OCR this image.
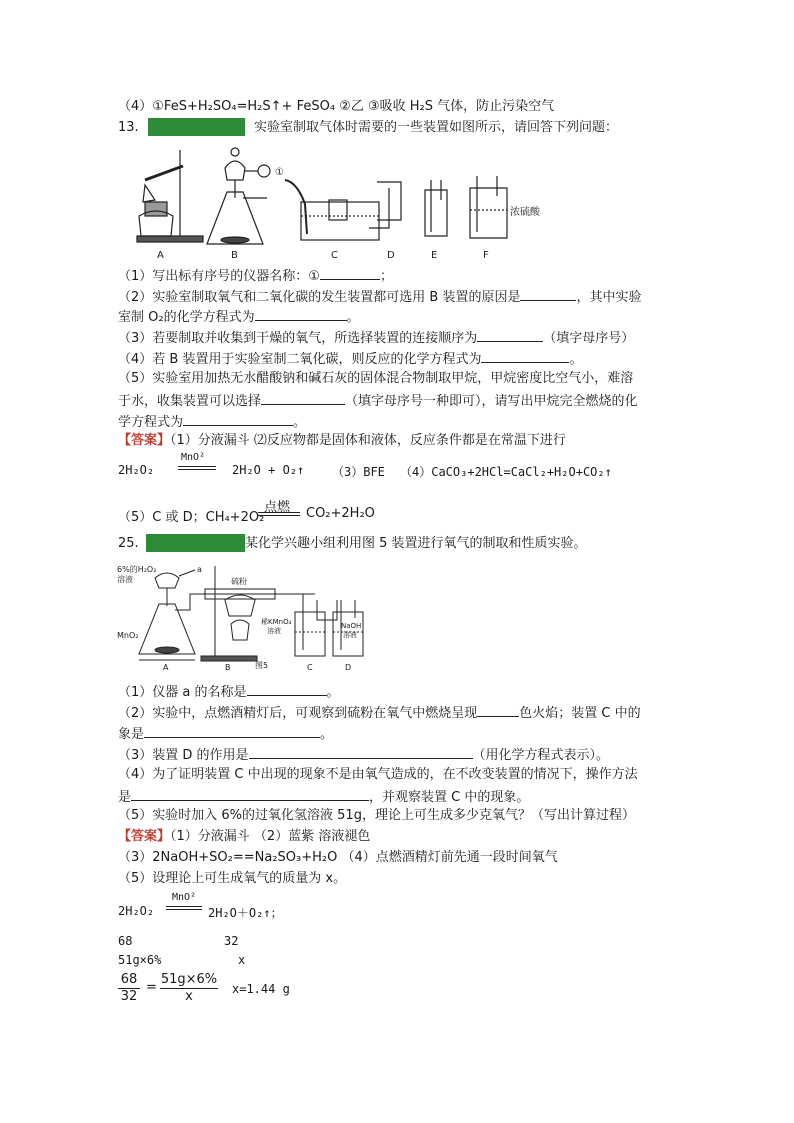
（4）①FeS+H₂SO₄=H₂S↑+ FeSO₄ ②乙 ③吸收 H₂S 气体，防止污染空气
13.	实验室制取气体时需要的一些装置如图所示，请回答下列问题：
①
浓硫酸
A	B	C	D	E	F
（1）写出标有序号的仪器名称：①	；
（2）实验室制取氧气和二氧化碳的发生装置都可选用 B 装置的原因是	，其中实验
室制 O₂的化学方程式为	。
（3）若要制取并收集到干燥的氧气，所选择装置的连接顺序为	（填字母序号）
（4）若 B 装置用于实验室制二氧化碳，则反应的化学方程式为	。
（5）实验室用加热无水醋酸钠和碱石灰的固体混合物制取甲烷，甲烷密度比空气小，难溶
于水，收集装置可以选择	（填字母序号一种即可），请写出甲烷完全燃烧的化
学方程式为	。
【答案】（1）分液漏斗 ⑵反应物都是固体和液体，反应条件都是在常温下进行
2H₂O₂
MnO²
2H₂O + O₂↑ （3）BFE （4）CaCO₃+2HCl=CaCl₂+H₂O+CO₂↑
（5）C 或 D；CH₄+2O₂
点燃 CO₂+2H₂O
25.	某化学兴趣小组利用图 5 装置进行氧气的制取和性质实验。
6%的H₂O₂
溶液
a
MnO₂
硫粉
稀KMnO₄
溶液
NaOH
溶液
A	B	C	D
图5
（1）仪器 a 的名称是	。
（2）实验中，点燃酒精灯后，可观察到硫粉在氧气中燃烧呈现	色火焰；装置 C 中的
象是	。
（3）装置 D 的作用是	（用化学方程式表示）。
（4）为了证明装置 C 中出现的现象不是由氧气造成的，在不改变装置的情况下，操作方法
是	，并观察装置 C 中的现象。
（5）实验时加入 6%的过氧化氢溶液 51g，理论上可生成多少克氧气？（写出计算过程）
【答案】（1）分液漏斗 （2）蓝紫 溶液褪色
（3）2NaOH+SO₂==Na₂SO₃+H₂O （4）点燃酒精灯前先通一段时间氧气
（5）设理论上可生成氧气的质量为 x。
2H₂O₂
MnO²
2H₂O＋O₂↑；
68	32
51g×6%	x
68
32
=
51g×6%
x	x=1.44 g
